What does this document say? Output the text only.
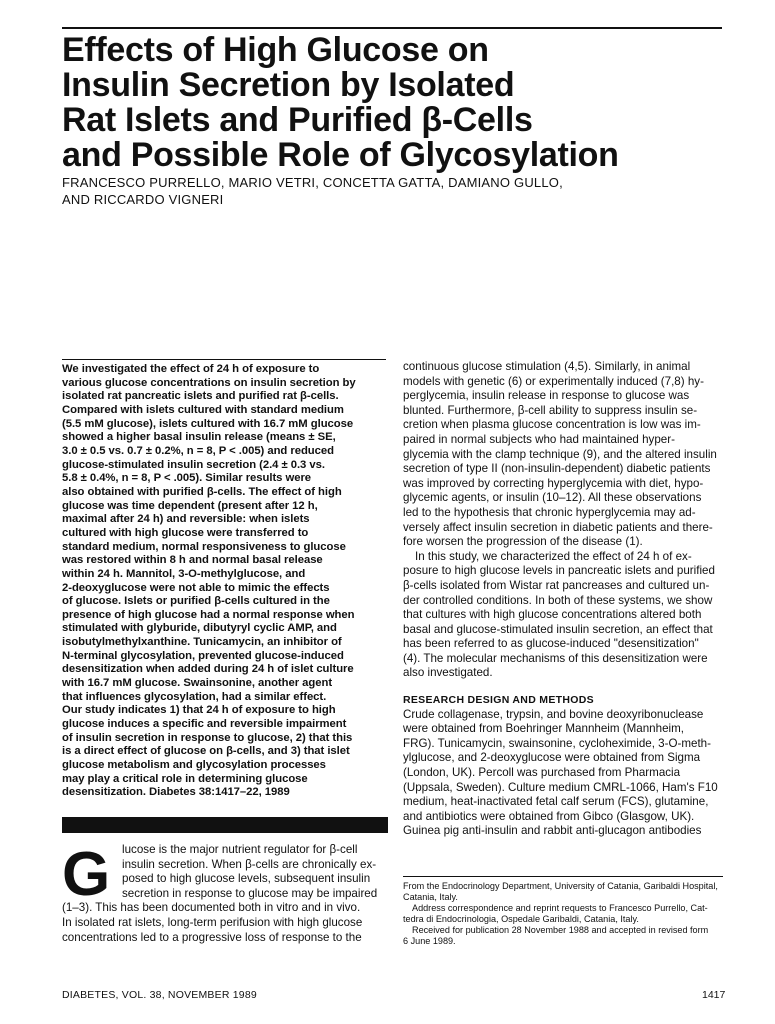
Effects of High Glucose on
Insulin Secretion by Isolated
Rat Islets and Purified β-Cells
and Possible Role of Glycosylation
FRANCESCO PURRELLO, MARIO VETRI, CONCETTA GATTA, DAMIANO GULLO,
AND RICCARDO VIGNERI
We investigated the effect of 24 h of exposure to
various glucose concentrations on insulin secretion by
isolated rat pancreatic islets and purified rat β-cells.
Compared with islets cultured with standard medium
(5.5 mM glucose), islets cultured with 16.7 mM glucose
showed a higher basal insulin release (means ± SE,
3.0 ± 0.5 vs. 0.7 ± 0.2%, n = 8, P < .005) and reduced
glucose-stimulated insulin secretion (2.4 ± 0.3 vs.
5.8 ± 0.4%, n = 8, P < .005). Similar results were
also obtained with purified β-cells. The effect of high
glucose was time dependent (present after 12 h,
maximal after 24 h) and reversible: when islets
cultured with high glucose were transferred to
standard medium, normal responsiveness to glucose
was restored within 8 h and normal basal release
within 24 h. Mannitol, 3-O-methylglucose, and
2-deoxyglucose were not able to mimic the effects
of glucose. Islets or purified β-cells cultured in the
presence of high glucose had a normal response when
stimulated with glyburide, dibutyryl cyclic AMP, and
isobutylmethylxanthine. Tunicamycin, an inhibitor of
N-terminal glycosylation, prevented glucose-induced
desensitization when added during 24 h of islet culture
with 16.7 mM glucose. Swainsonine, another agent
that influences glycosylation, had a similar effect.
Our study indicates 1) that 24 h of exposure to high
glucose induces a specific and reversible impairment
of insulin secretion in response to glucose, 2) that this
is a direct effect of glucose on β-cells, and 3) that islet
glucose metabolism and glycosylation processes
may play a critical role in determining glucose
desensitization. Diabetes 38:1417–22, 1989
G	lucose is the major nutrient regulator for β-cell
insulin secretion. When β-cells are chronically ex-
posed to high glucose levels, subsequent insulin
secretion in response to glucose may be impaired
(1–3). This has been documented both in vitro and in vivo.
In isolated rat islets, long-term perifusion with high glucose
concentrations led to a progressive loss of response to the
continuous glucose stimulation (4,5). Similarly, in animal
models with genetic (6) or experimentally induced (7,8) hy-
perglycemia, insulin release in response to glucose was
blunted. Furthermore, β-cell ability to suppress insulin se-
cretion when plasma glucose concentration is low was im-
paired in normal subjects who had maintained hyper-
glycemia with the clamp technique (9), and the altered insulin
secretion of type II (non-insulin-dependent) diabetic patients
was improved by correcting hyperglycemia with diet, hypo-
glycemic agents, or insulin (10–12). All these observations
led to the hypothesis that chronic hyperglycemia may ad-
versely affect insulin secretion in diabetic patients and there-
fore worsen the progression of the disease (1).
In this study, we characterized the effect of 24 h of ex-
posure to high glucose levels in pancreatic islets and purified
β-cells isolated from Wistar rat pancreases and cultured un-
der controlled conditions. In both of these systems, we show
that cultures with high glucose concentrations altered both
basal and glucose-stimulated insulin secretion, an effect that
has been referred to as glucose-induced "desensitization"
(4). The molecular mechanisms of this desensitization were
also investigated.
RESEARCH DESIGN AND METHODS
Crude collagenase, trypsin, and bovine deoxyribonuclease
were obtained from Boehringer Mannheim (Mannheim,
FRG). Tunicamycin, swainsonine, cycloheximide, 3-O-meth-
ylglucose, and 2-deoxyglucose were obtained from Sigma
(London, UK). Percoll was purchased from Pharmacia
(Uppsala, Sweden). Culture medium CMRL-1066, Ham's F10
medium, heat-inactivated fetal calf serum (FCS), glutamine,
and antibiotics were obtained from Gibco (Glasgow, UK).
Guinea pig anti-insulin and rabbit anti-glucagon antibodies
From the Endocrinology Department, University of Catania, Garibaldi Hospital,
Catania, Italy.
Address correspondence and reprint requests to Francesco Purrello, Cat-
tedra di Endocrinologia, Ospedale Garibaldi, Catania, Italy.
Received for publication 28 November 1988 and accepted in revised form
6 June 1989.
DIABETES, VOL. 38, NOVEMBER 1989	1417
